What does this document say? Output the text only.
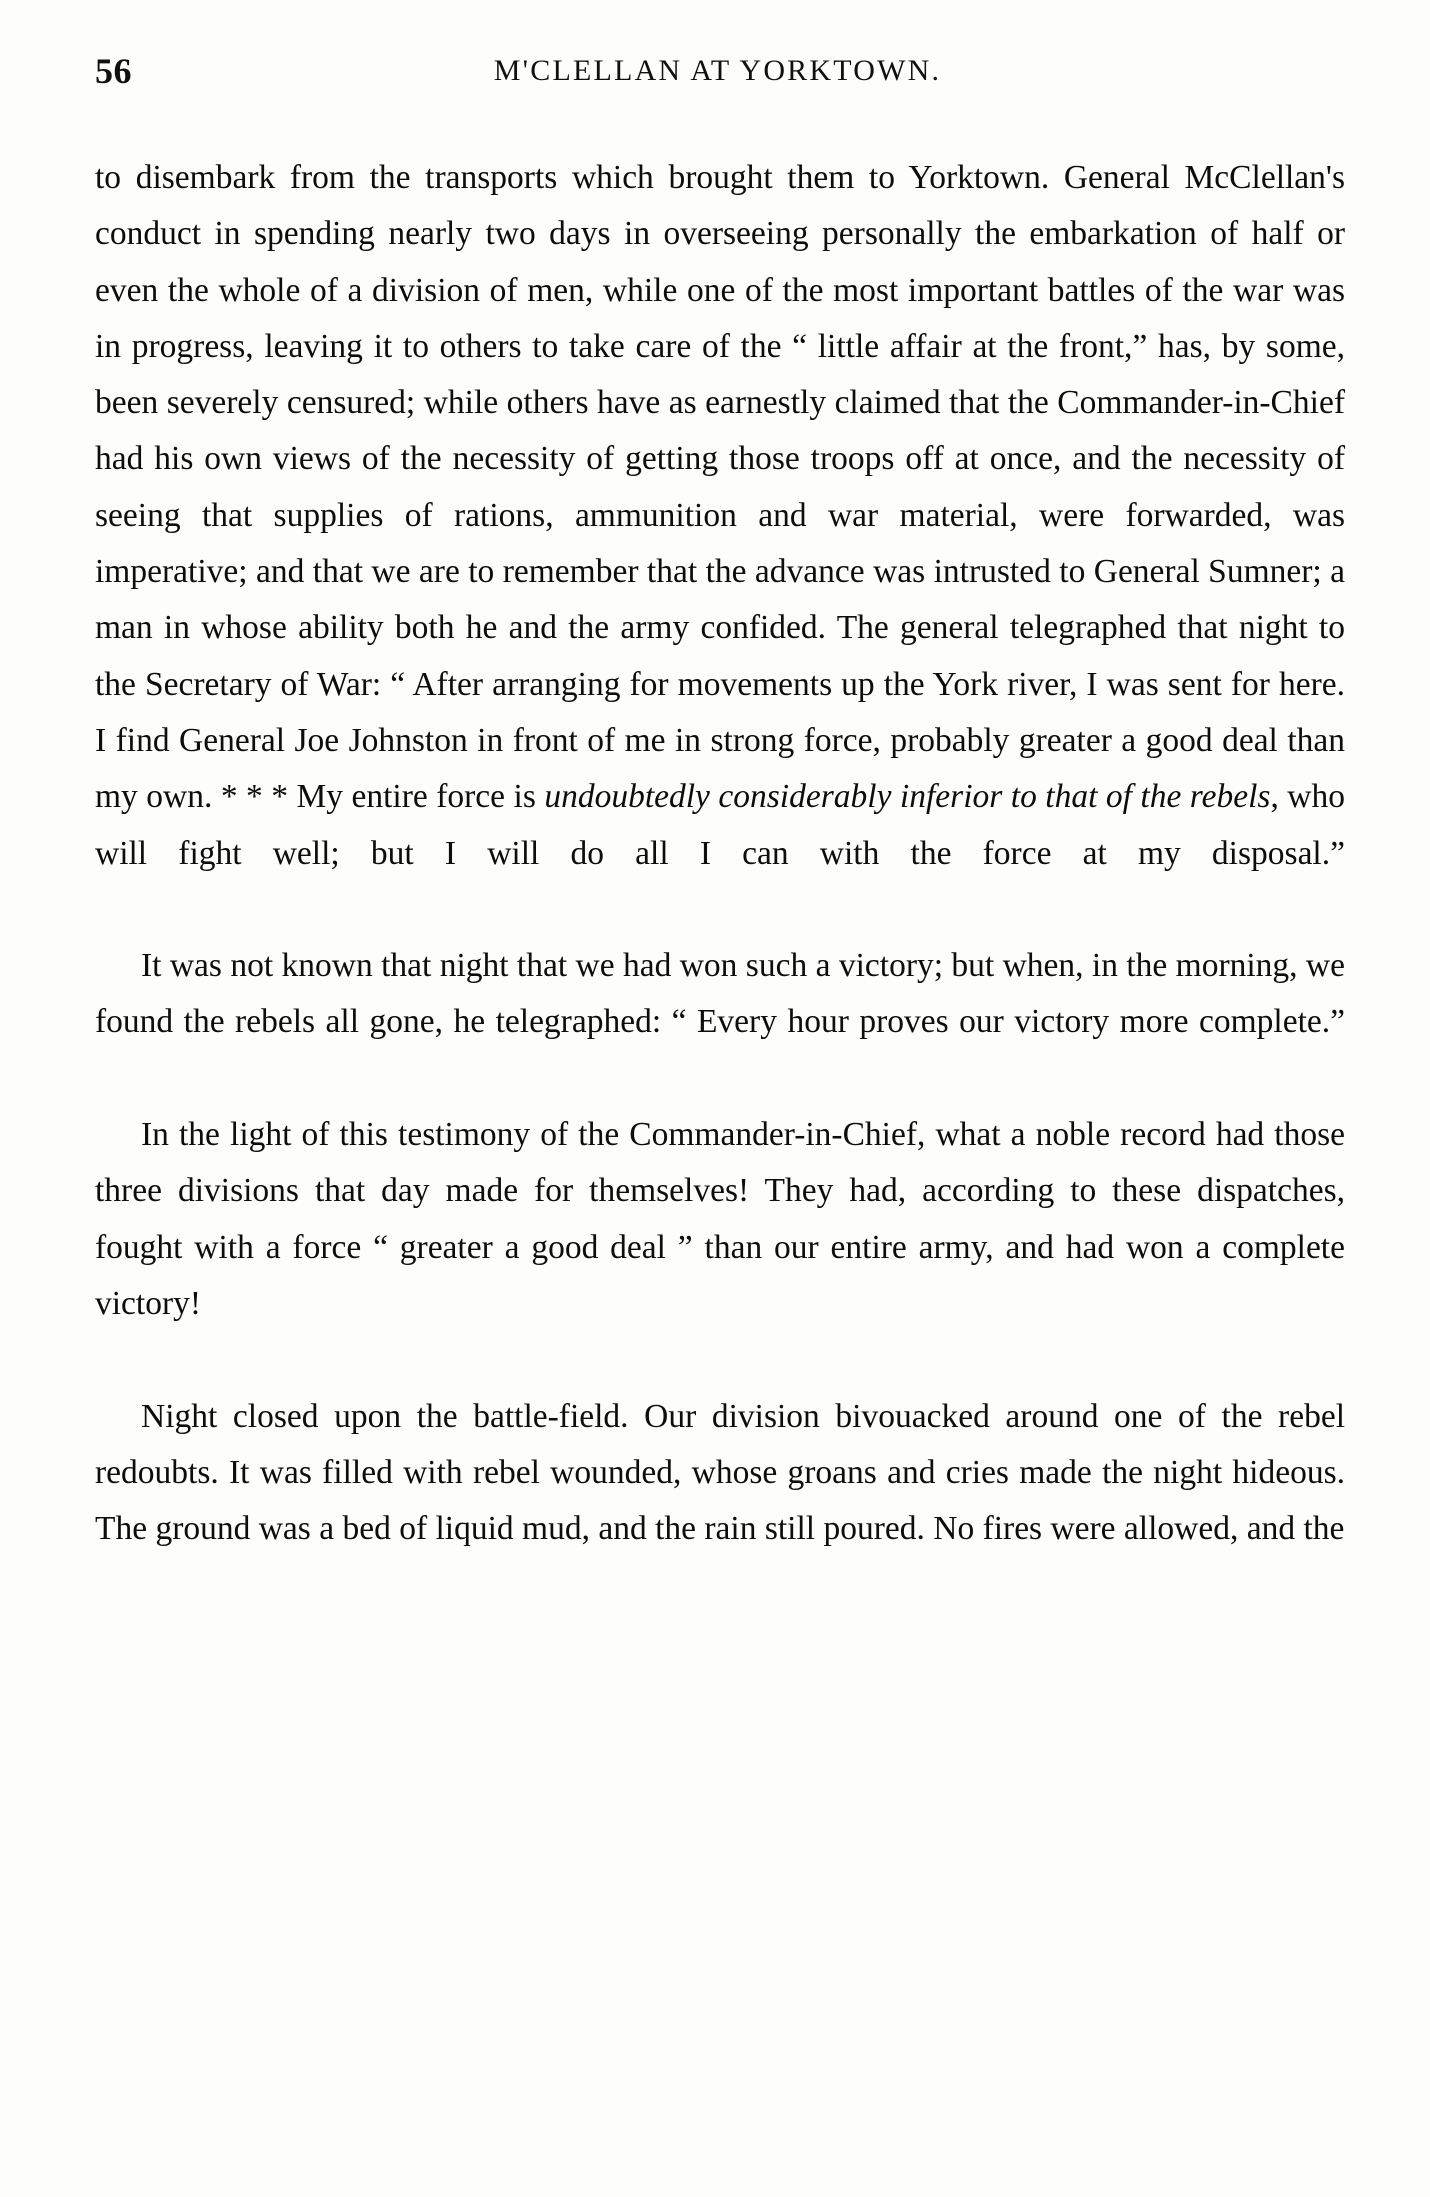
56	M'CLELLAN AT YORKTOWN.

to disembark from the transports which brought them to Yorktown. General McClellan's conduct in spending nearly two days in overseeing personally the embarkation of half or even the whole of a division of men, while one of the most important battles of the war was in progress, leaving it to others to take care of the “ little affair at the front,” has, by some, been severely censured; while others have as earnestly claimed that the Commander-in-Chief had his own views of the necessity of getting those troops off at once, and the necessity of seeing that supplies of rations, ammunition and war material, were forwarded, was imperative; and that we are to remember that the advance was intrusted to General Sumner; a man in whose ability both he and the army confided. The general telegraphed that night to the Secretary of War: “ After arranging for movements up the York river, I was sent for here. I find General Joe Johnston in front of me in strong force, probably greater a good deal than my own. * * * My entire force is undoubtedly considerably inferior to that of the rebels, who will fight well; but I will do all I can with the force at my disposal.”

It was not known that night that we had won such a victory; but when, in the morning, we found the rebels all gone, he telegraphed: “ Every hour proves our victory more complete.”

In the light of this testimony of the Commander-in-Chief, what a noble record had those three divisions that day made for themselves! They had, according to these dispatches, fought with a force “ greater a good deal ” than our entire army, and had won a complete victory!

Night closed upon the battle-field. Our division bivouacked around one of the rebel redoubts. It was filled with rebel wounded, whose groans and cries made the night hideous. The ground was a bed of liquid mud, and the rain still poured. No fires were allowed, and the
